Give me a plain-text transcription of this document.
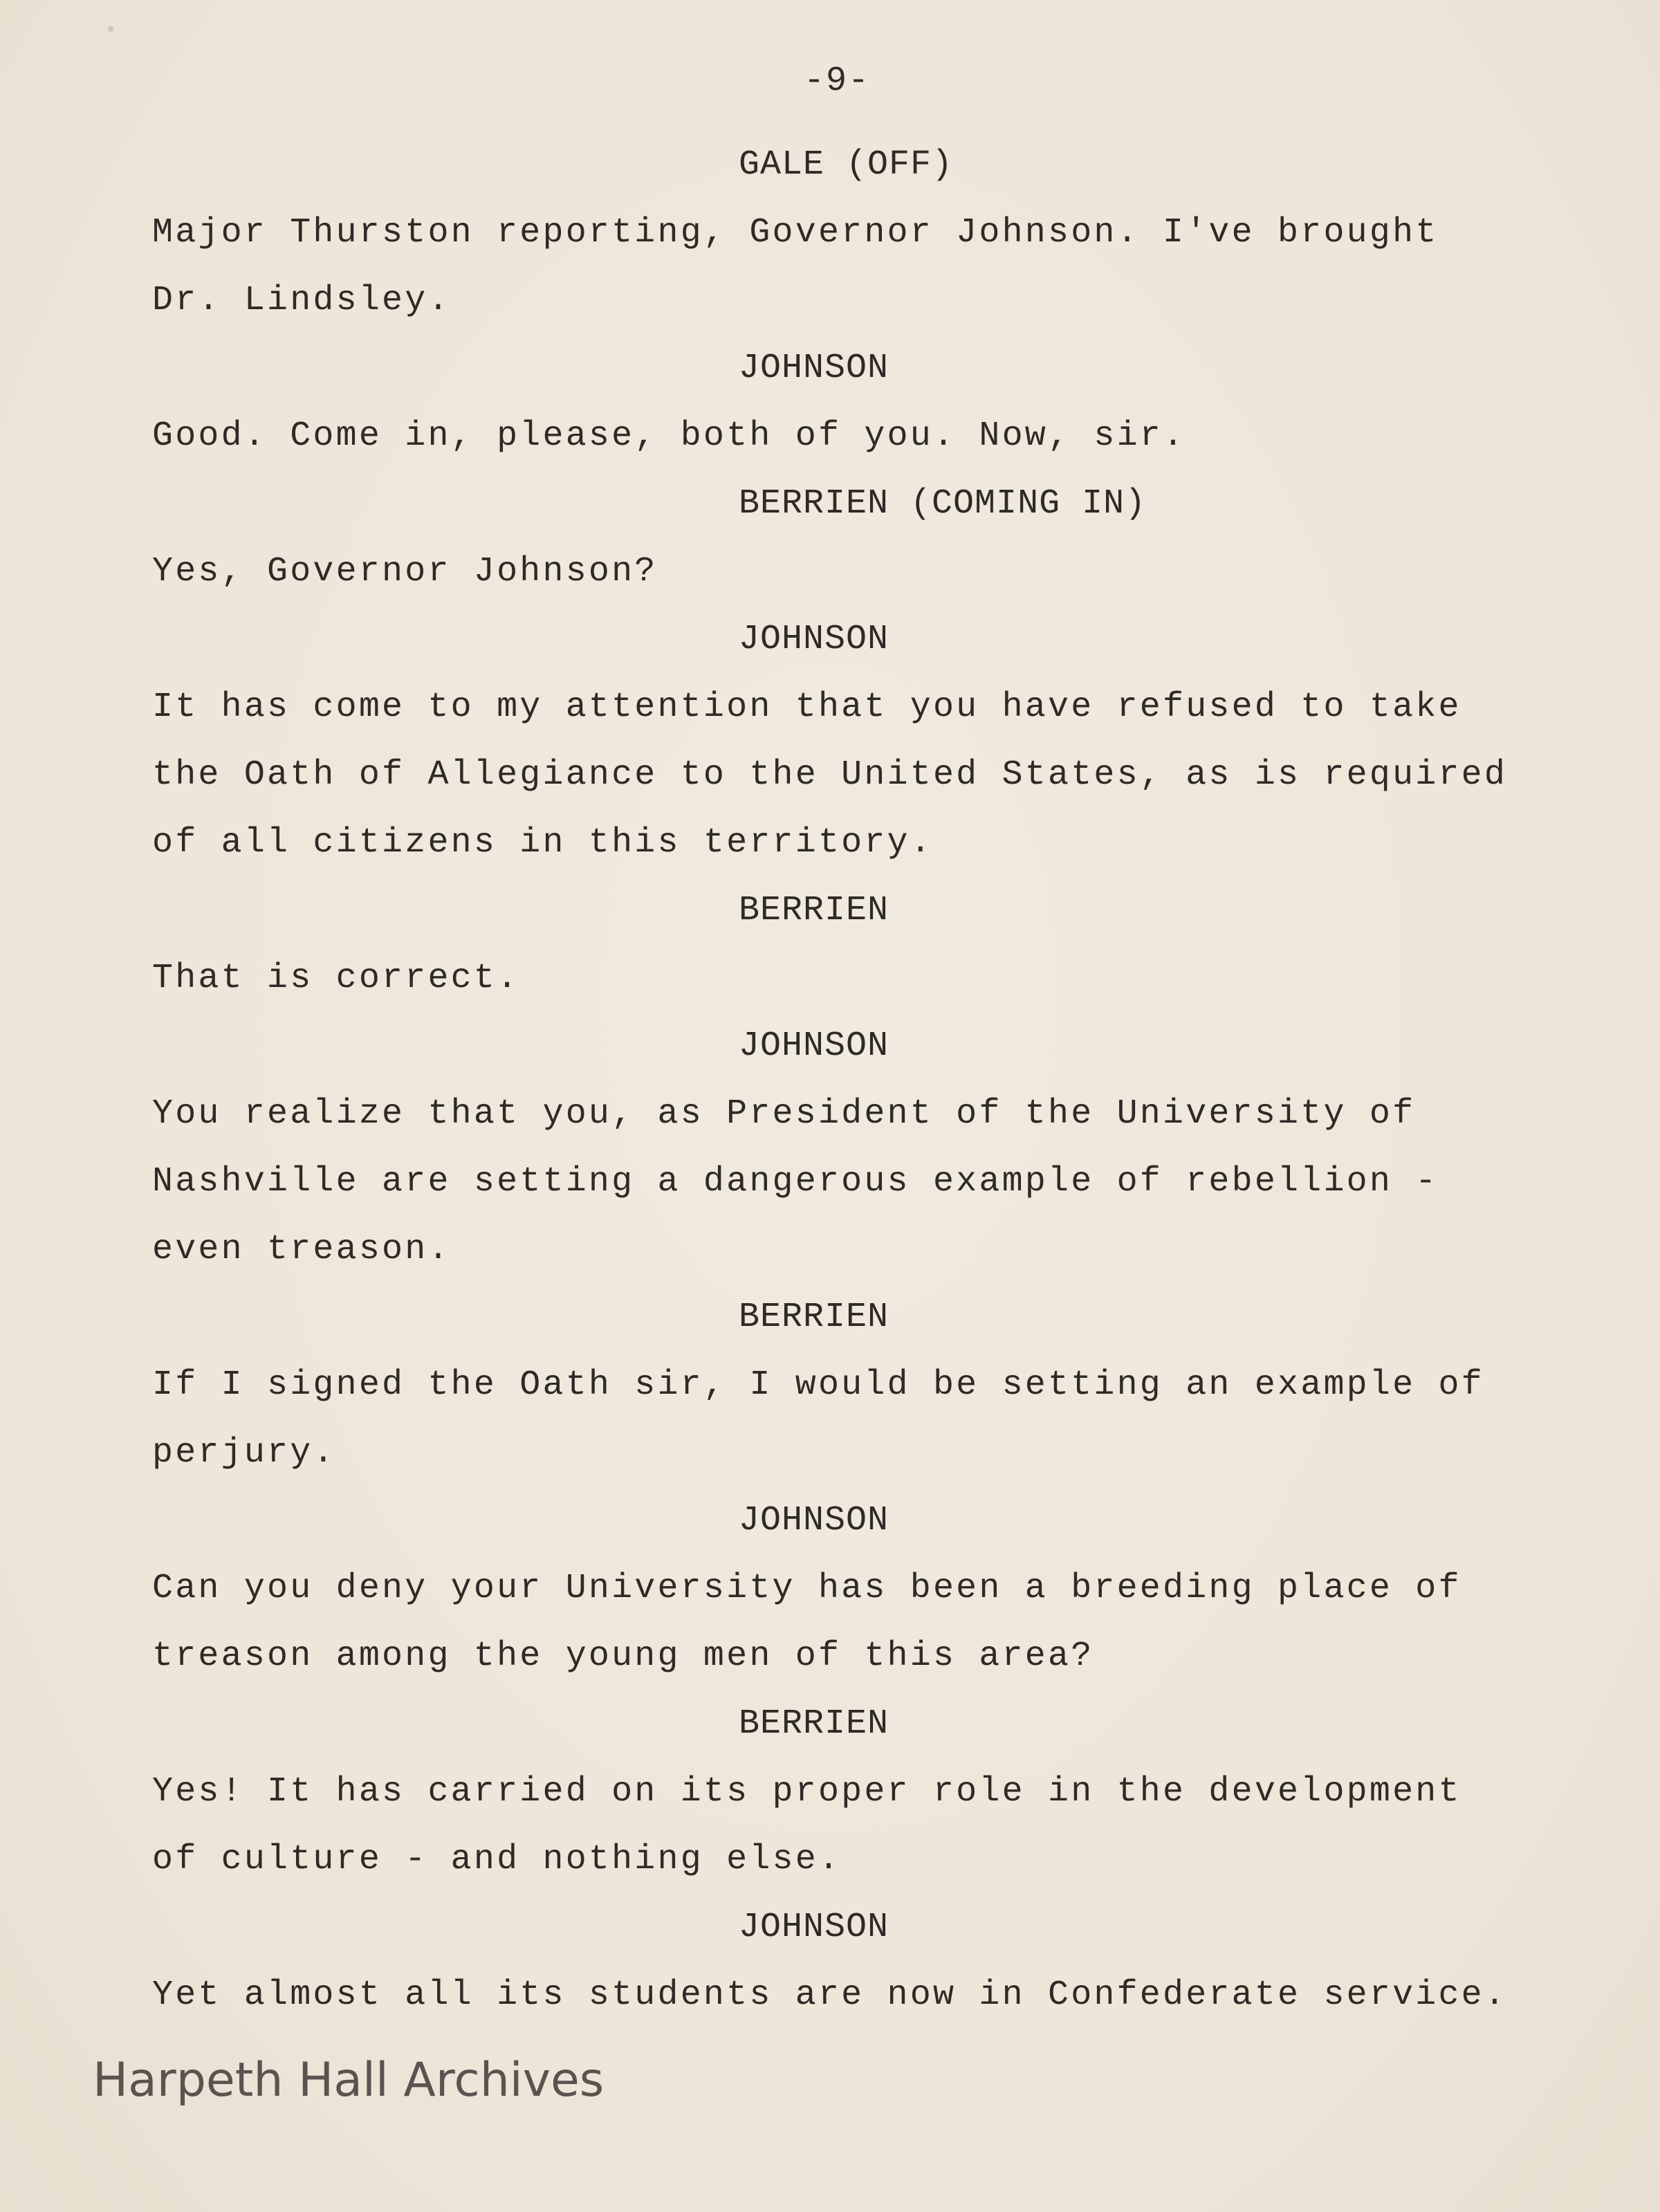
-9-
GALE (OFF)
Major Thurston reporting, Governor Johnson. I've brought
Dr. Lindsley.
JOHNSON
Good. Come in, please, both of you. Now, sir.
BERRIEN (COMING IN)
Yes, Governor Johnson?
JOHNSON
It has come to my attention that you have refused to take
the Oath of Allegiance to the United States, as is required
of all citizens in this territory.
BERRIEN
That is correct.
JOHNSON
You realize that you, as President of the University of
Nashville are setting a dangerous example of rebellion -
even treason.
BERRIEN
If I signed the Oath sir, I would be setting an example of
perjury.
JOHNSON
Can you deny your University has been a breeding place of
treason among the young men of this area?
BERRIEN
Yes! It has carried on its proper role in the development
of culture - and nothing else.
JOHNSON
Yet almost all its students are now in Confederate service.
Harpeth Hall Archives
